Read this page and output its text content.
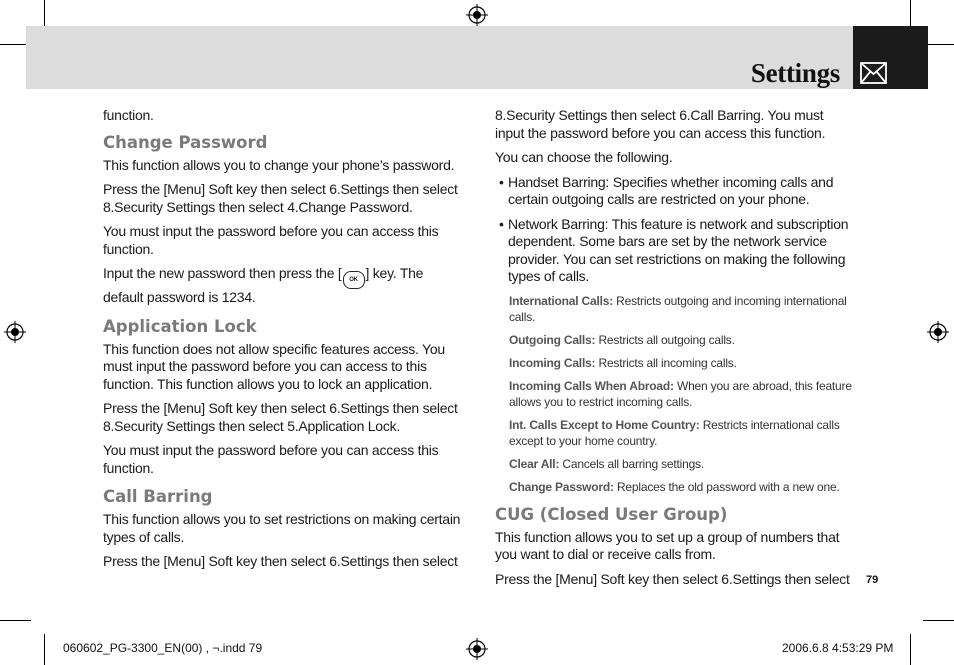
Settings

function.

Change Password

This function allows you to change your phone’s password.

Press the [Menu] Soft key then select 6.Settings then select 8.Security Settings then select 4.Change Password.

You must input the password before you can access this function.

Input the new password then press the [ OK ] key. The default password is 1234.

Application Lock

This function does not allow specific features access. You must input the password before you can access to this function. This function allows you to lock an application.

Press the [Menu] Soft key then select 6.Settings then select 8.Security Settings then select 5.Application Lock.

You must input the password before you can access this function.

Call Barring

This function allows you to set restrictions on making certain types of calls.

Press the [Menu] Soft key then select 6.Settings then select

8.Security Settings then select 6.Call Barring. You must input the password before you can access this function.

You can choose the following.

• Handset Barring: Specifies whether incoming calls and certain outgoing calls are restricted on your phone.
• Network Barring: This feature is network and subscription dependent. Some bars are set by the network service provider. You can set restrictions on making the following types of calls.
International Calls: Restricts outgoing and incoming international calls.
Outgoing Calls: Restricts all outgoing calls.
Incoming Calls: Restricts all incoming calls.
Incoming Calls When Abroad: When you are abroad, this feature allows you to restrict incoming calls.
Int. Calls Except to Home Country: Restricts international calls except to your home country.
Clear All: Cancels all barring settings.
Change Password: Replaces the old password with a new one.
CUG (Closed User Group)

This function allows you to set up a group of numbers that you want to dial or receive calls from.

Press the [Menu] Soft key then select 6.Settings then select	79
060602_PG-3300_EN(00) , ¬.indd 79	2006.6.8 4:53:29 PM
